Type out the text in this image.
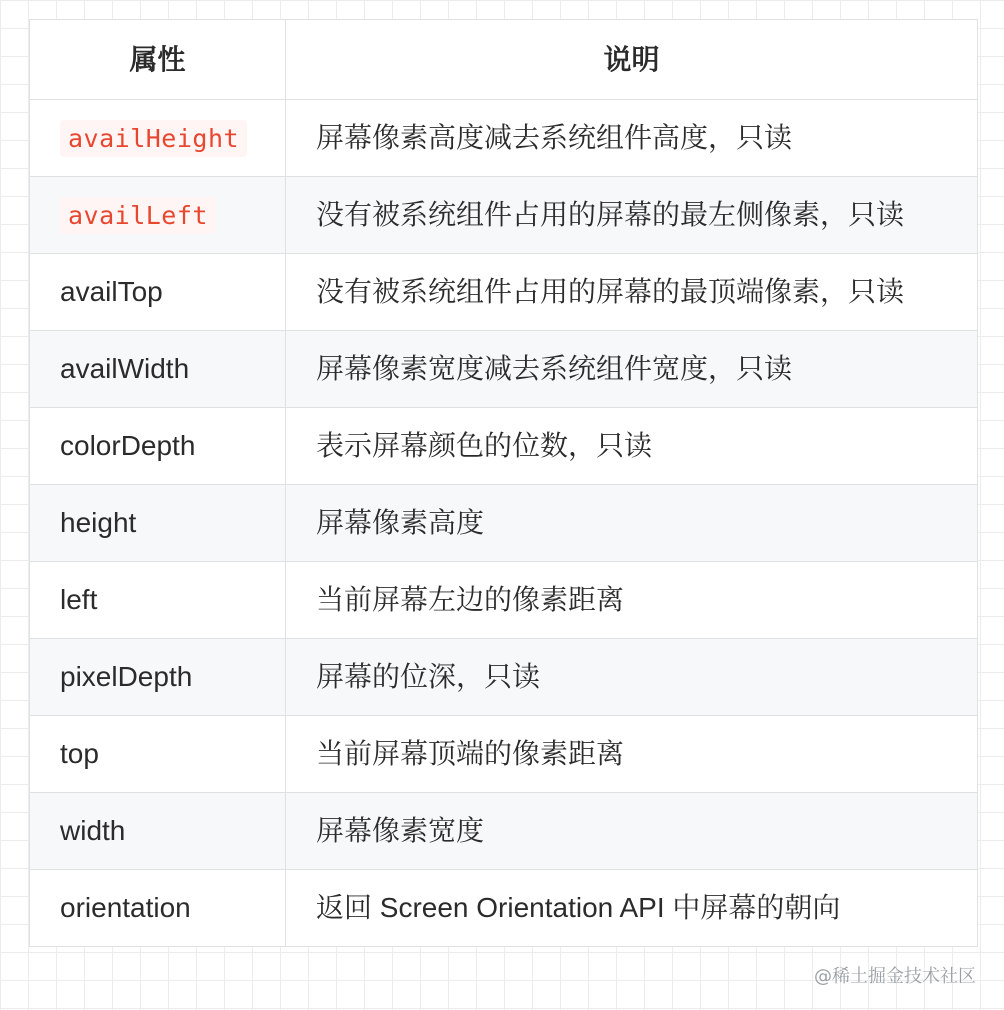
属性	说明
availHeight	屏幕像素高度减去系统组件高度，只读
availLeft	没有被系统组件占用的屏幕的最左侧像素，只读
availTop	没有被系统组件占用的屏幕的最顶端像素，只读
availWidth	屏幕像素宽度减去系统组件宽度，只读
colorDepth	表示屏幕颜色的位数，只读
height	屏幕像素高度
left	当前屏幕左边的像素距离
pixelDepth	屏幕的位深，只读
top	当前屏幕顶端的像素距离
width	屏幕像素宽度
orientation	返回 Screen Orientation API 中屏幕的朝向
@稀土掘金技术社区
